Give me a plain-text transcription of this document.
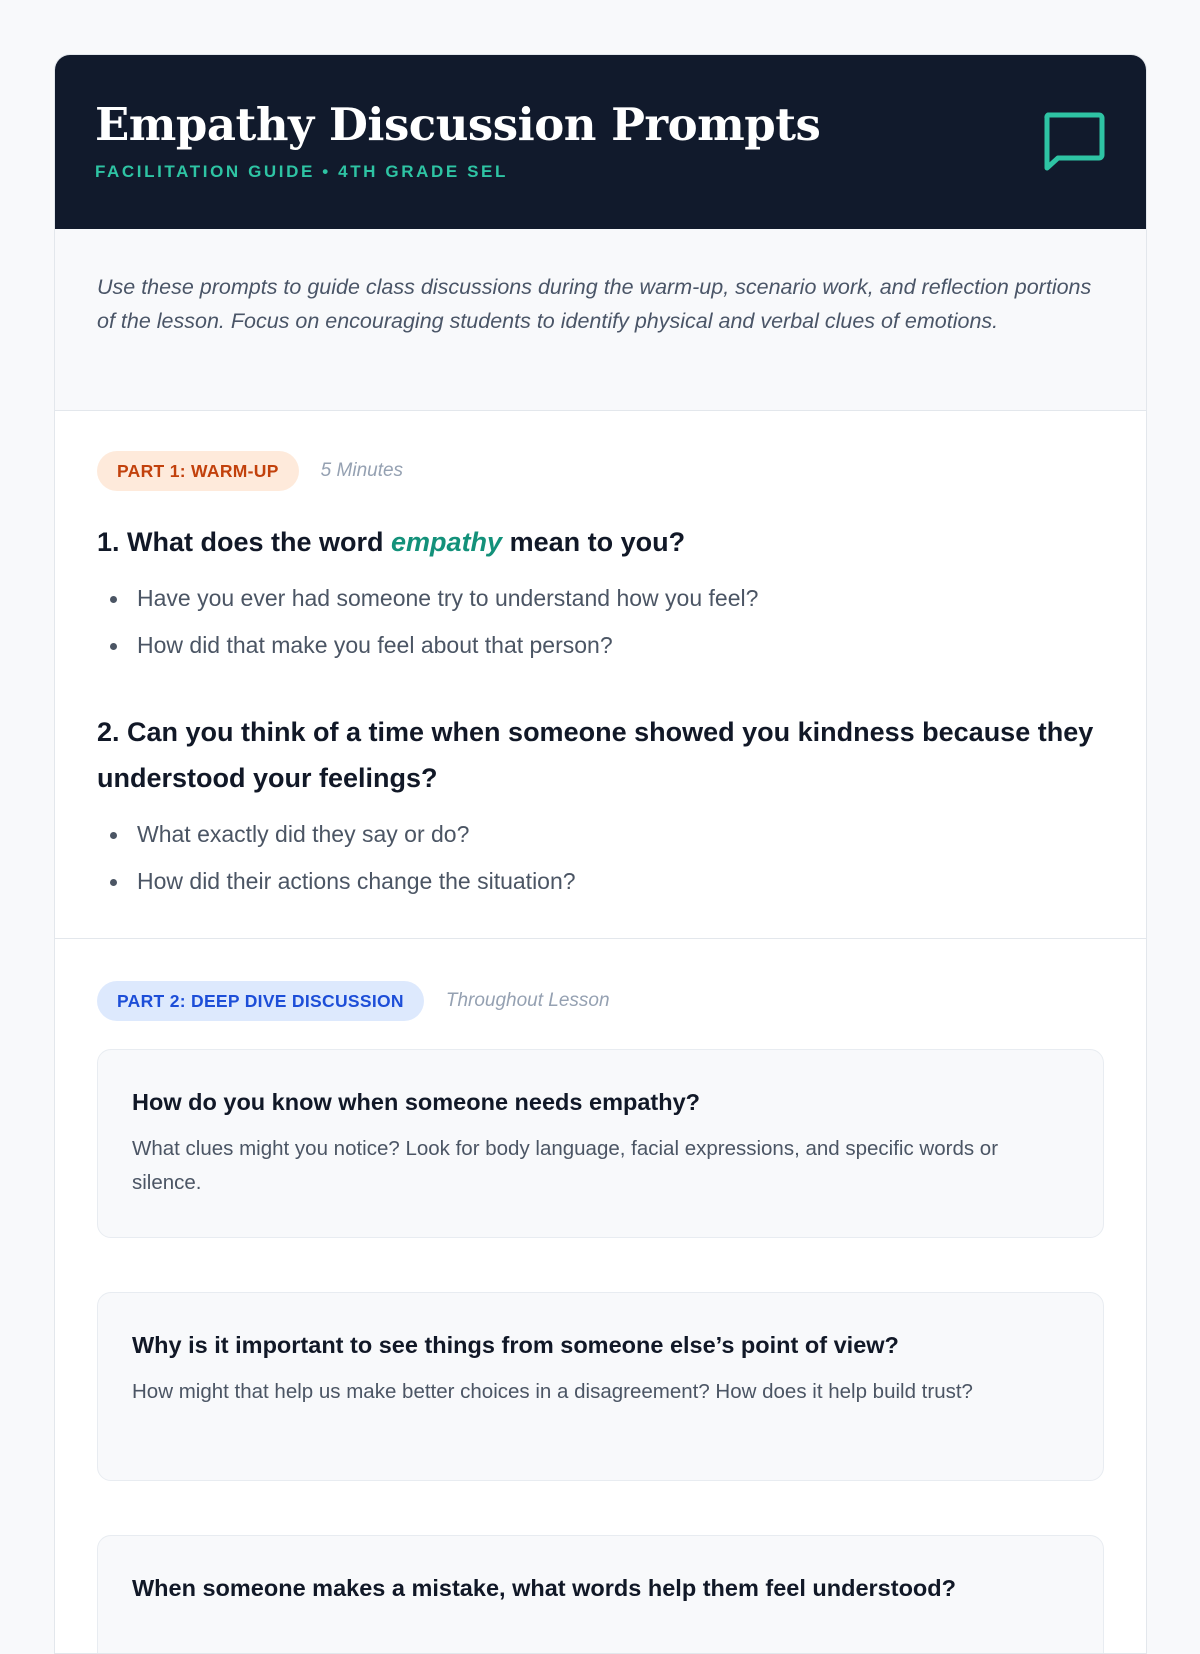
Empathy Discussion Prompts
FACILITATION GUIDE • 4TH GRADE SEL

Use these prompts to guide class discussions during the warm-up, scenario work, and reflection portions of the lesson. Focus on encouraging students to identify physical and verbal clues of emotions.

PART 1: WARM-UP	5 Minutes
1. What does the word empathy mean to you?
Have you ever had someone try to understand how you feel?
How did that make you feel about that person?
2. Can you think of a time when someone showed you kindness because they understood your feelings?
What exactly did they say or do?
How did their actions change the situation?
PART 2: DEEP DIVE DISCUSSION	Throughout Lesson
How do you know when someone needs empathy?
What clues might you notice? Look for body language, facial expressions, and specific words or silence.
Why is it important to see things from someone else’s point of view?
How might that help us make better choices in a disagreement? How does it help build trust?
When someone makes a mistake, what words help them feel understood?
